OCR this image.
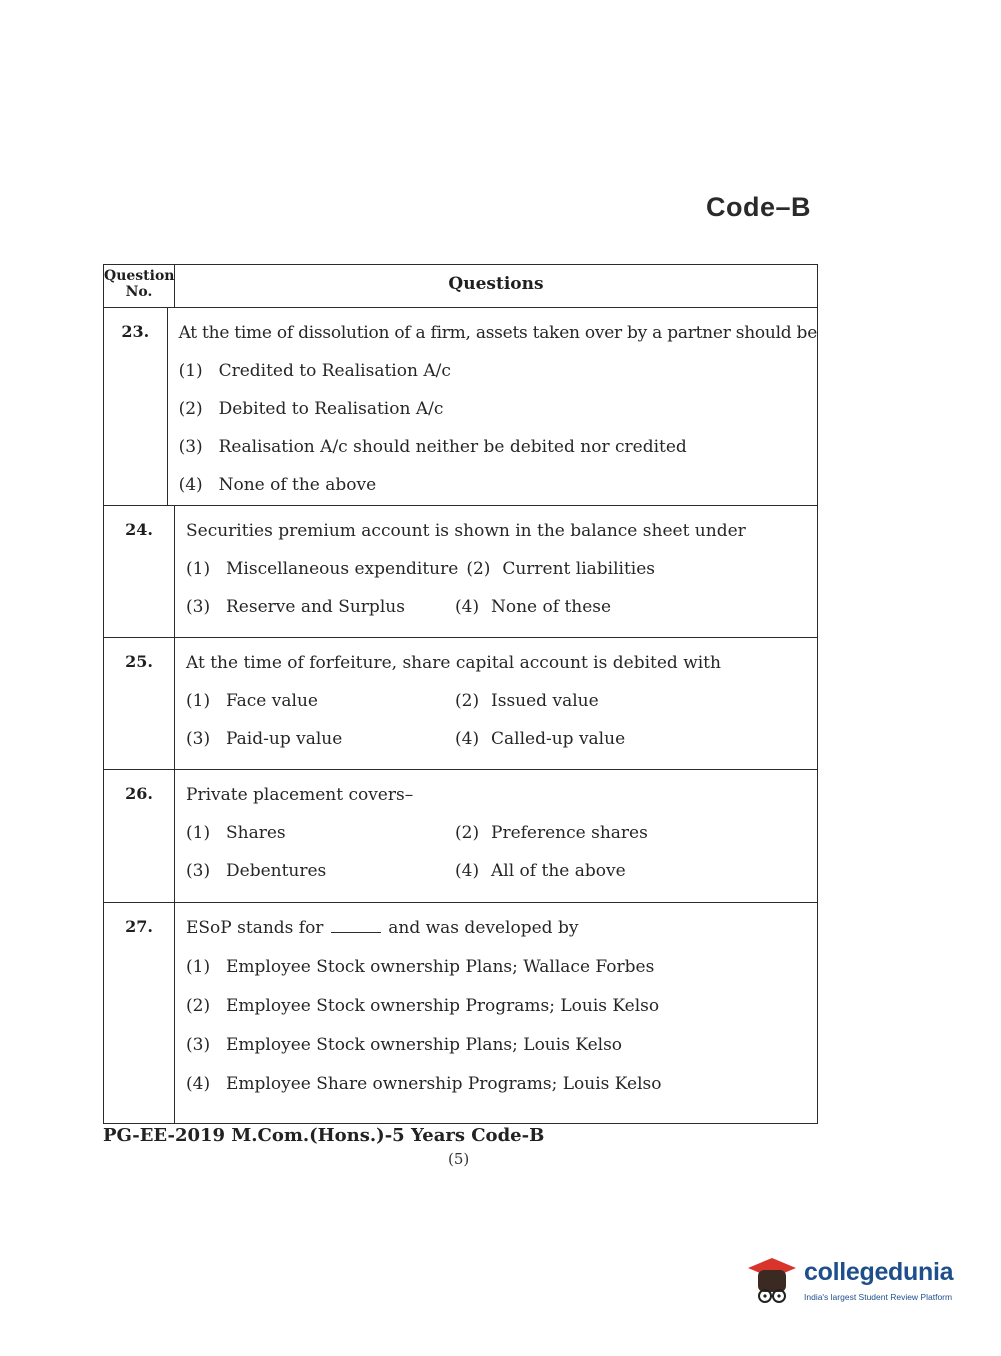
Code–B
Question
No.	Questions
23.	At the time of dissolution of a firm, assets taken over by a partner should be
(1) Credited to Realisation A/c
(2) Debited to Realisation A/c
(3) Realisation A/c should neither be debited nor credited
(4) None of the above
24.	Securities premium account is shown in the balance sheet under
(1) Miscellaneous expenditure (2) Current liabilities
(3) Reserve and Surplus	(4) None of these
25.	At the time of forfeiture, share capital account is debited with
(1) Face value	(2) Issued value
(3) Paid-up value	(4) Called-up value
26.	Private placement covers–
(1) Shares	(2) Preference shares
(3) Debentures	(4) All of the above
27.	ESoP stands for	and was developed by
(1) Employee Stock ownership Plans; Wallace Forbes
(2) Employee Stock ownership Programs; Louis Kelso
(3) Employee Stock ownership Plans; Louis Kelso
(4) Employee Share ownership Programs; Louis Kelso
PG-EE-2019 M.Com.(Hons.)-5 Years Code-B
(5)
collegedunia
India's largest Student Review Platform
